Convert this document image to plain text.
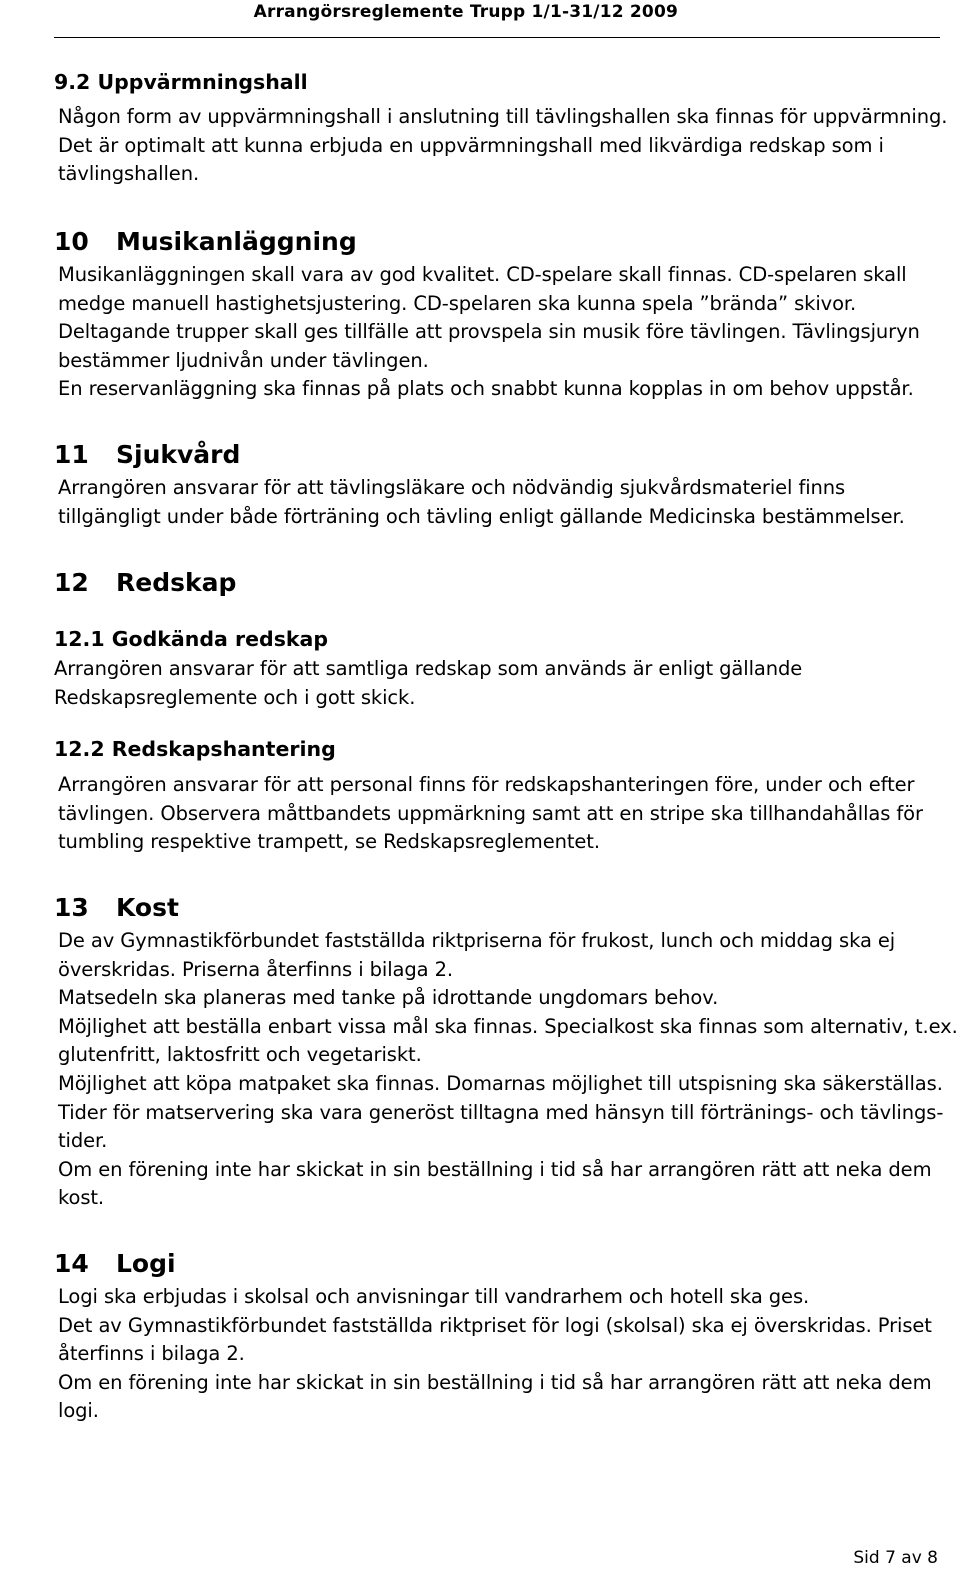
Arrangörsreglemente Trupp 1/1-31/12 2009
9.2 Uppvärmningshall
Någon form av uppvärmningshall i anslutning till tävlingshallen ska finnas för uppvärmning.
Det är optimalt att kunna erbjuda en uppvärmningshall med likvärdiga redskap som i
tävlingshallen.
10 Musikanläggning
Musikanläggningen skall vara av god kvalitet. CD-spelare skall finnas. CD-spelaren skall
medge manuell hastighetsjustering. CD-spelaren ska kunna spela ”brända” skivor.
Deltagande trupper skall ges tillfälle att provspela sin musik före tävlingen. Tävlingsjuryn
bestämmer ljudnivån under tävlingen.
En reservanläggning ska finnas på plats och snabbt kunna kopplas in om behov uppstår.
11 Sjukvård
Arrangören ansvarar för att tävlingsläkare och nödvändig sjukvårdsmateriel finns
tillgängligt under både förträning och tävling enligt gällande Medicinska bestämmelser.
12 Redskap
12.1 Godkända redskap
Arrangören ansvarar för att samtliga redskap som används är enligt gällande
Redskapsreglemente och i gott skick.
12.2 Redskapshantering
Arrangören ansvarar för att personal finns för redskapshanteringen före, under och efter
tävlingen. Observera måttbandets uppmärkning samt att en stripe ska tillhandahållas för
tumbling respektive trampett, se Redskapsreglementet.
13 Kost
De av Gymnastikförbundet fastställda riktpriserna för frukost, lunch och middag ska ej
överskridas. Priserna återfinns i bilaga 2.
Matsedeln ska planeras med tanke på idrottande ungdomars behov.
Möjlighet att beställa enbart vissa mål ska finnas. Specialkost ska finnas som alternativ, t.ex.
glutenfritt, laktosfritt och vegetariskt.
Möjlighet att köpa matpaket ska finnas. Domarnas möjlighet till utspisning ska säkerställas.
Tider för matservering ska vara generöst tilltagna med hänsyn till förtränings- och tävlings-
tider.
Om en förening inte har skickat in sin beställning i tid så har arrangören rätt att neka dem
kost.
14 Logi
Logi ska erbjudas i skolsal och anvisningar till vandrarhem och hotell ska ges.
Det av Gymnastikförbundet fastställda riktpriset för logi (skolsal) ska ej överskridas. Priset
återfinns i bilaga 2.
Om en förening inte har skickat in sin beställning i tid så har arrangören rätt att neka dem
logi.
Sid 7 av 8
